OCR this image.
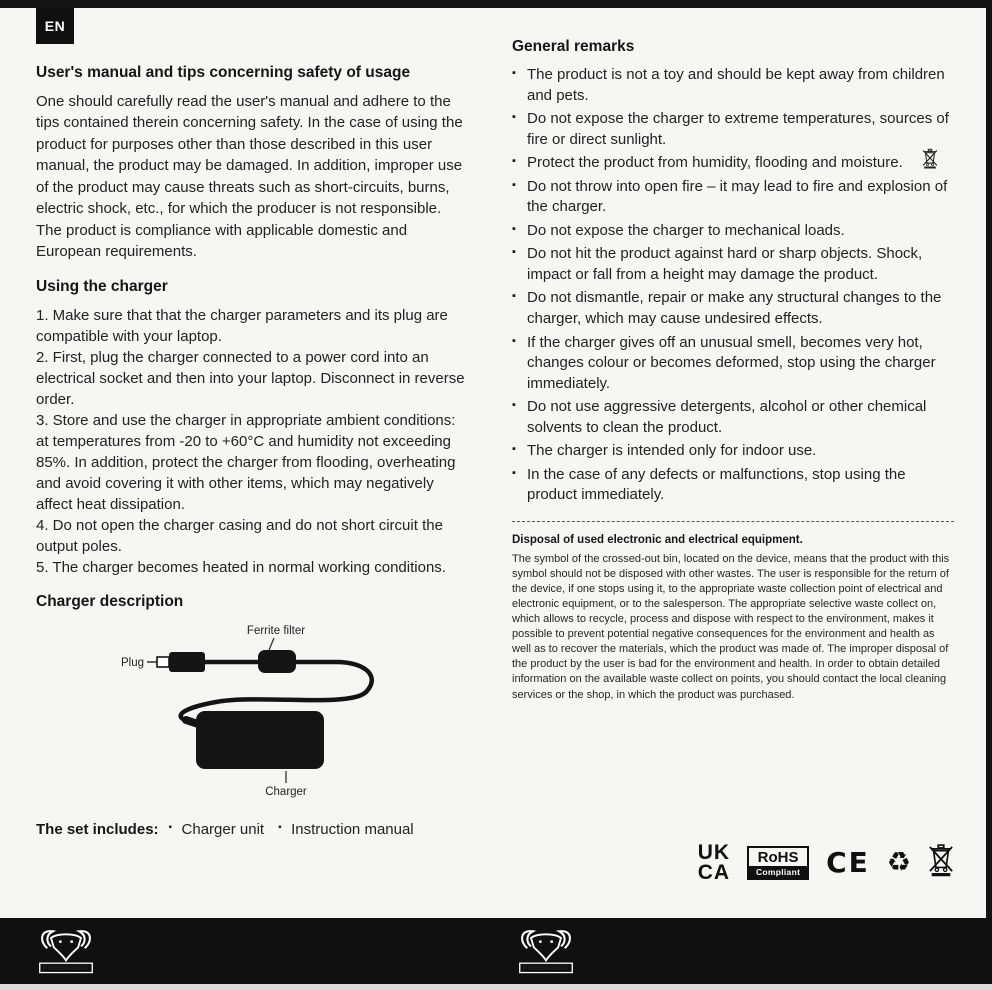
EN
User's manual and tips concerning safety of usage
One should carefully read the user's manual and adhere to the tips contained therein concerning safety. In the case of using the product for purposes other than those described in this user manual, the product may be damaged. In addition, improper use of the product may cause threats such as short-circuits, burns, electric shock, etc., for which the producer is not responsible. The product is compliance with applicable domestic and European requirements.
Using the charger
1. Make sure that that the charger parameters and its plug are compatible with your laptop.
2. First, plug the charger connected to a power cord into an electrical socket and then into your laptop. Disconnect in reverse order.
3. Store and use the charger in appropriate ambient conditions: at temperatures from -20 to +60°C and humidity not exceeding 85%. In addition, protect the charger from flooding, overheating and avoid covering it with other items, which may negatively affect heat dissipation.
4. Do not open the charger casing and do not short circuit the output poles.
5. The charger becomes heated in normal working conditions.
Charger description
Ferrite filter
Plug
Charger
The set includes:	▪ Charger unit	▪ Instruction manual
General remarks
▪ The product is not a toy and should be kept away from children and pets.
▪ Do not expose the charger to extreme temperatures, sources of fire or direct sunlight.
▪ Protect the product from humidity, flooding and moisture.
▪ Do not throw into open fire – it may lead to fire and explosion of the charger.
▪ Do not expose the charger to mechanical loads.
▪ Do not hit the product against hard or sharp objects. Shock, impact or fall from a height may damage the product.
▪ Do not dismantle, repair or make any structural changes to the charger, which may cause undesired effects.
▪ If the charger gives off an unusual smell, becomes very hot, changes colour or becomes deformed, stop using the charger immediately.
▪ Do not use aggressive detergents, alcohol or other chemical solvents to clean the product.
▪ The charger is intended only for indoor use.
▪ In the case of any defects or malfunctions, stop using the product immediately.
Disposal of used electronic and electrical equipment.
The symbol of the crossed-out bin, located on the device, means that the product with this symbol should not be disposed with other wastes. The user is responsible for the return of the device, if one stops using it, to the appropriate waste collection point of electrical and electronic equipment, or to the salesperson. The appropriate selective waste collect on, which allows to recycle, process and dispose with respect to the environment, makes it possible to prevent potential negative consequences for the environment and health as well as to recover the materials, which the product was made of. The improper disposal of the product by the user is bad for the environment and health. In order to obtain detailed information on the available waste collect on points, you should contact the local cleaning services or the shop, in which the product was purchased.
UK
CA
RoHS
Compliant CE ♻
POWERGOAT	POWERGOAT
